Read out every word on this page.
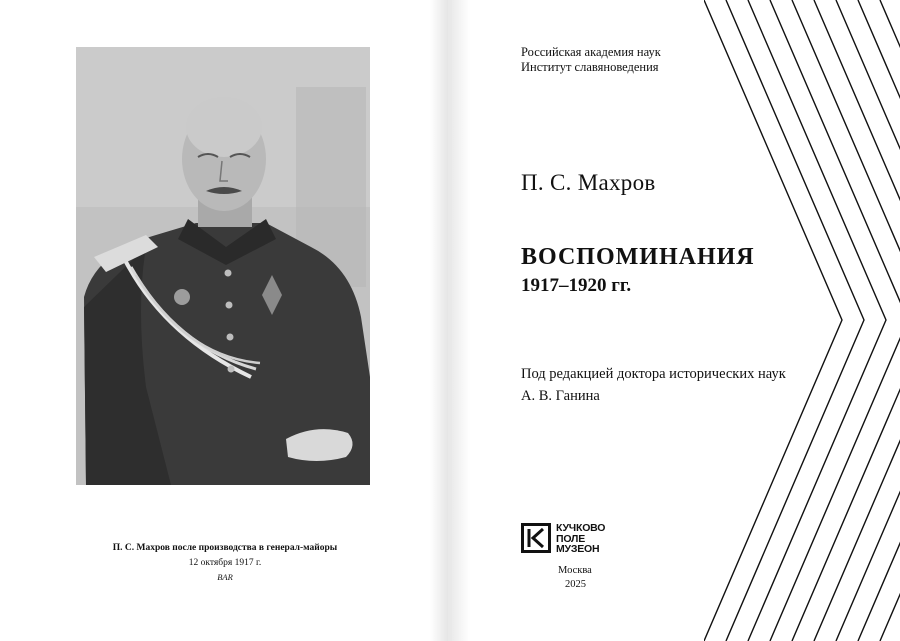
П. С. Махров после производства в генерал-майоры
12 октября 1917 г.
BAR
Российская академия наук
Институт славяноведения
П. С. Махров
ВОСПОМИНАНИЯ
1917–1920 гг.
Под редакцией доктора исторических наук
А. В. Ганина
КУЧКОВО
ПОЛЕ
МУЗЕОН
Москва
2025
